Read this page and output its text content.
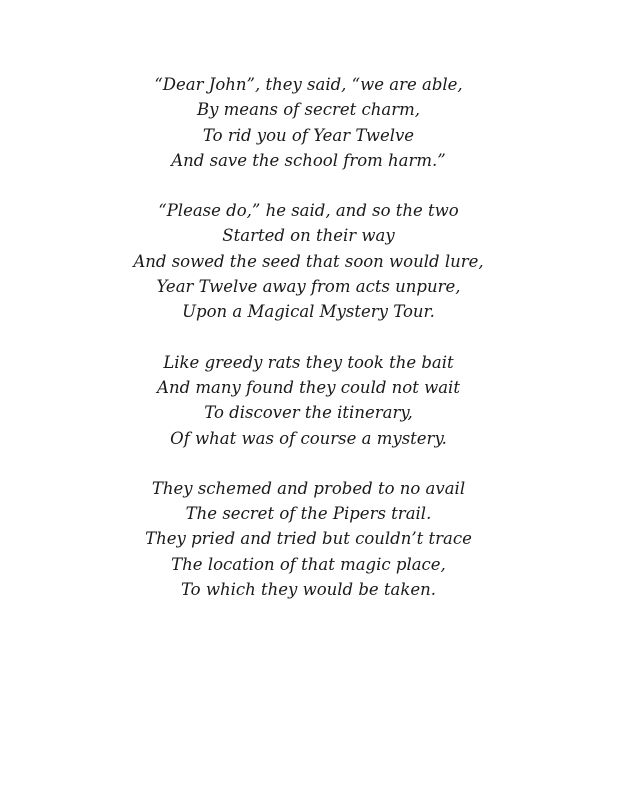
“Dear John”, they said, “we are able,
By means of secret charm,
To rid you of Year Twelve
And save the school from harm.”
“Please do,” he said, and so the two
Started on their way
And sowed the seed that soon would lure,
Year Twelve away from acts unpure,
Upon a Magical Mystery Tour.
Like greedy rats they took the bait
And many found they could not wait
To discover the itinerary,
Of what was of course a mystery.
They schemed and probed to no avail
The secret of the Pipers trail.
They pried and tried but couldn’t trace
The location of that magic place,
To which they would be taken.
